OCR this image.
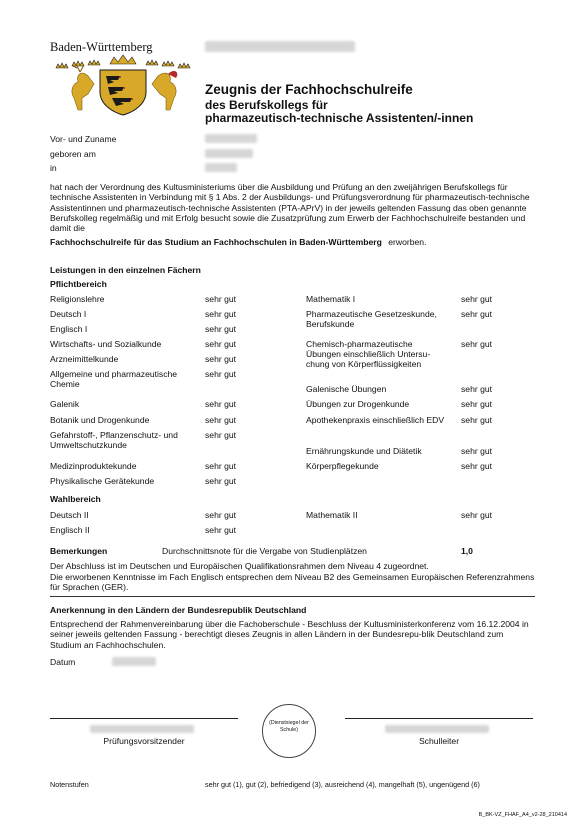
Baden-Württemberg
Zeugnis der Fachhochschulreife
des Berufskollegs für
pharmazeutisch-technische Assistenten/-innen
Vor- und Zuname
geboren am
in
hat nach der Verordnung des Kultusministeriums über die Ausbildung und Prüfung an den zweijährigen Berufskollegs für technische Assistenten in Verbindung mit § 1 Abs. 2 der Ausbildungs- und Prüfungsverordnung für pharmazeutisch-technische Assistentinnen und pharmazeutisch-technische Assistenten (PTA-APrV) in der jeweils geltenden Fassung das oben genannte Berufskolleg regelmäßig und mit Erfolg besucht sowie die Zusatzprüfung zum Erwerb der Fachhochschulreife bestanden und damit die
Fachhochschulreife für das Studium an Fachhochschulen in Baden-Württemberg erworben.
Leistungen in den einzelnen Fächern
Pflichtbereich
Religionslehre	sehr gut
Deutsch I	sehr gut
Englisch I	sehr gut
Wirtschafts- und Sozialkunde	sehr gut
Arzneimittelkunde	sehr gut
Allgemeine und pharmazeutische Chemie
sehr gut
Galenik	sehr gut
Botanik und Drogenkunde	sehr gut
Gefahrstoff-, Pflanzenschutz- und Umweltschutzkunde
sehr gut
Medizinproduktekunde	sehr gut
Physikalische Gerätekunde	sehr gut
Mathematik I	sehr gut
Pharmazeutische Gesetzeskunde, Berufskunde
sehr gut
Chemisch-pharmazeutische Übungen einschließlich Untersu-chung von Körperflüssigkeiten
sehr gut
Galenische Übungen	sehr gut
Übungen zur Drogenkunde	sehr gut
Apothekenpraxis einschließlich EDV sehr gut
Ernährungskunde und Diätetik	sehr gut
Körperpflegekunde	sehr gut
Wahlbereich
Deutsch II	sehr gut
Englisch II	sehr gut
Mathematik II	sehr gut
Bemerkungen	Durchschnittsnote für die Vergabe von Studienplätzen	1,0
Der Abschluss ist im Deutschen und Europäischen Qualifikationsrahmen dem Niveau 4 zugeordnet.
Die erworbenen Kenntnisse im Fach Englisch entsprechen dem Niveau B2 des Gemeinsamen Europäischen Referenzrahmens für Sprachen (GER).
Anerkennung in den Ländern der Bundesrepublik Deutschland
Entsprechend der Rahmenvereinbarung über die Fachoberschule - Beschluss der Kultusministerkonferenz vom 16.12.2004 in seiner jeweils geltenden Fassung - berechtigt dieses Zeugnis in allen Ländern in der Bundesrepu-blik Deutschland zum Studium an Fachhochschulen.
Datum
Prüfungsvorsitzender
(Dienstsiegel der Schule)
Schulleiter
Notenstufen	sehr gut (1), gut (2), befriedigend (3), ausreichend (4), mangelhaft (5), ungenügend (6)
B_BK-VZ_FHAF_A4_v2-28_210414
